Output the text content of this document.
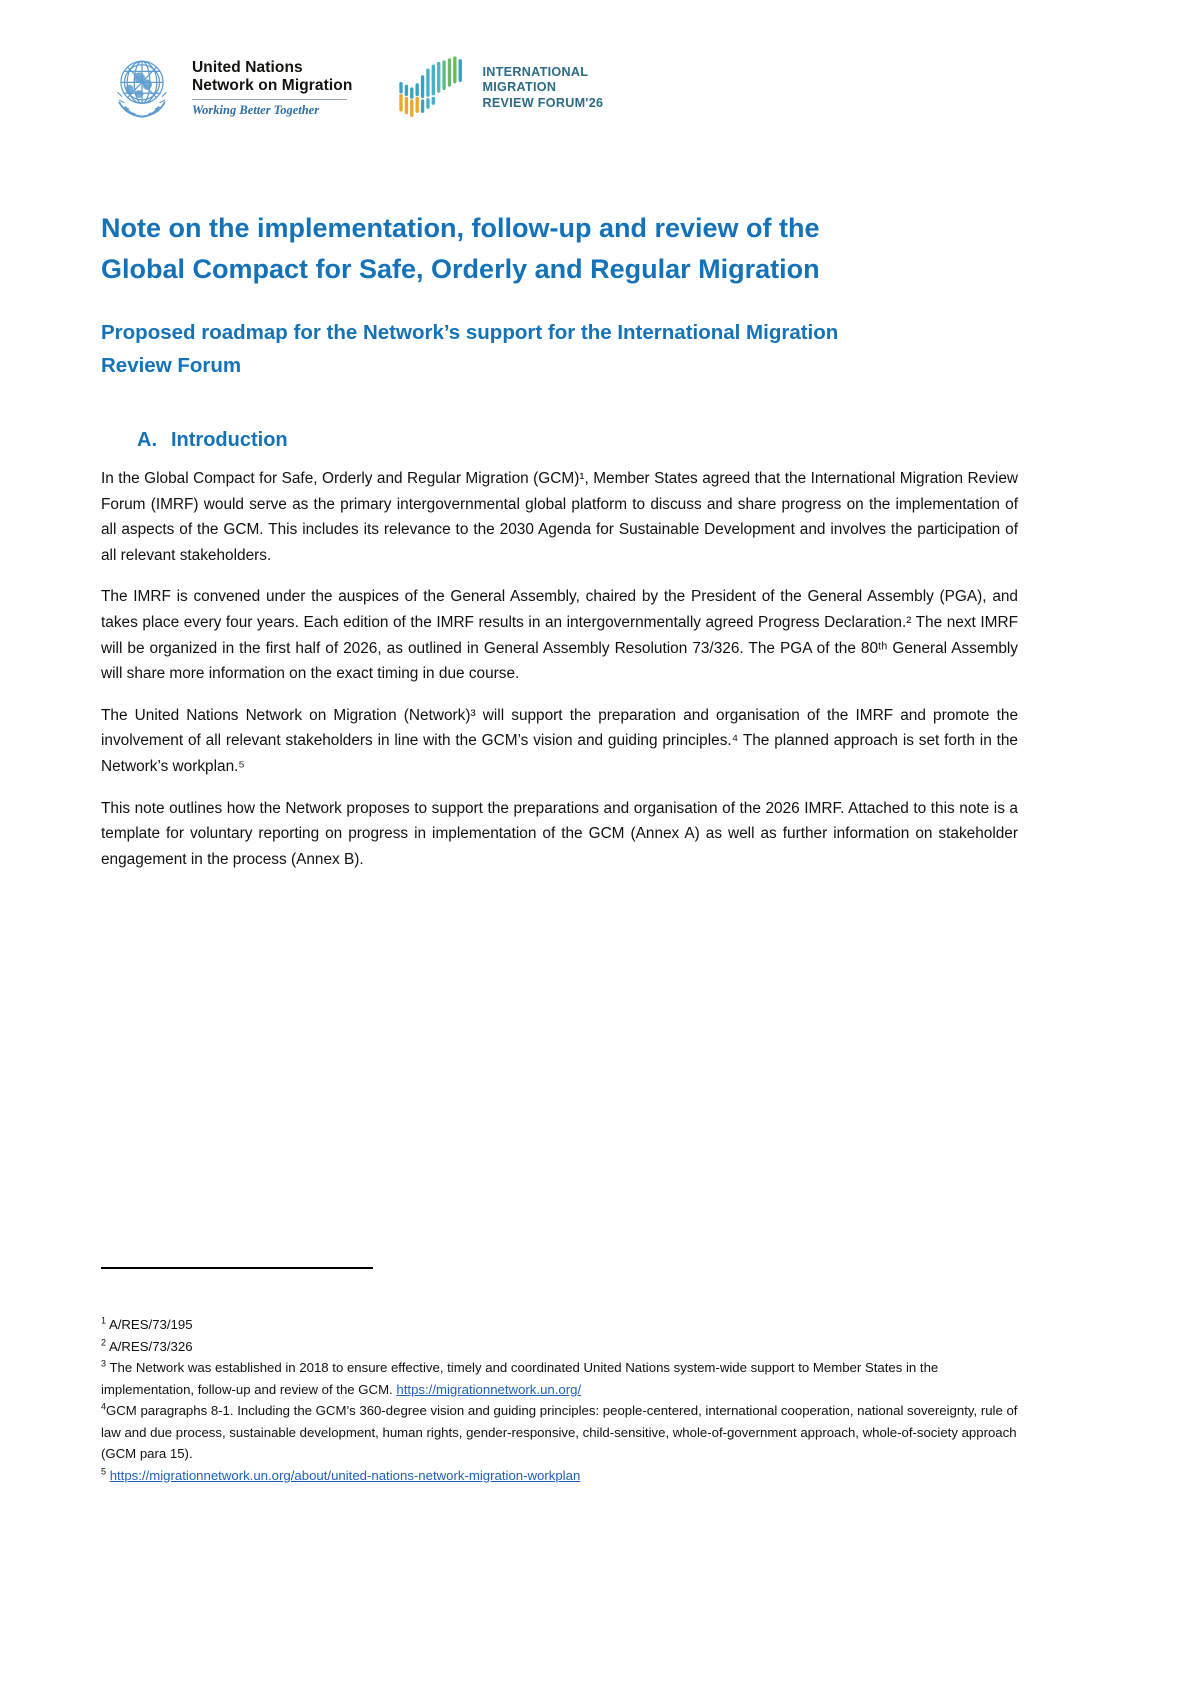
United Nations
Network on Migration
Working Better Together
INTERNATIONAL
MIGRATION
REVIEW FORUM'26
Note on the implementation, follow-up and review of the
Global Compact for Safe, Orderly and Regular Migration
Proposed roadmap for the Network’s support for the International Migration
Review Forum
A. Introduction

In the Global Compact for Safe, Orderly and Regular Migration (GCM)¹, Member States agreed that the International Migration Review Forum (IMRF) would serve as the primary intergovernmental global platform to discuss and share progress on the implementation of all aspects of the GCM. This includes its relevance to the 2030 Agenda for Sustainable Development and involves the participation of all relevant stakeholders.

The IMRF is convened under the auspices of the General Assembly, chaired by the President of the General Assembly (PGA), and takes place every four years. Each edition of the IMRF results in an intergovernmentally agreed Progress Declaration.² The next IMRF will be organized in the first half of 2026, as outlined in General Assembly Resolution 73/326. The PGA of the 80ᵗʰ General Assembly will share more information on the exact timing in due course.

The United Nations Network on Migration (Network)³ will support the preparation and organisation of the IMRF and promote the involvement of all relevant stakeholders in line with the GCM’s vision and guiding principles.⁴ The planned approach is set forth in the Network’s workplan.⁵

This note outlines how the Network proposes to support the preparations and organisation of the 2026 IMRF. Attached to this note is a template for voluntary reporting on progress in implementation of the GCM (Annex A) as well as further information on stakeholder engagement in the process (Annex B).

$^1$ A/RES/73/195

$^2$ A/RES/73/326

$^3$ The Network was established in 2018 to ensure effective, timely and coordinated United Nations system-wide support to Member States in the implementation, follow-up and review of the GCM. https://migrationnetwork.un.org/

$^4$GCM paragraphs 8-1. Including the GCM’s 360-degree vision and guiding principles: people-centered, international cooperation, national sovereignty, rule of law and due process, sustainable development, human rights, gender-responsive, child-sensitive, whole-of-government approach, whole-of-society approach (GCM para 15).

$^5$ https://migrationnetwork.un.org/about/united-nations-network-migration-workplan
